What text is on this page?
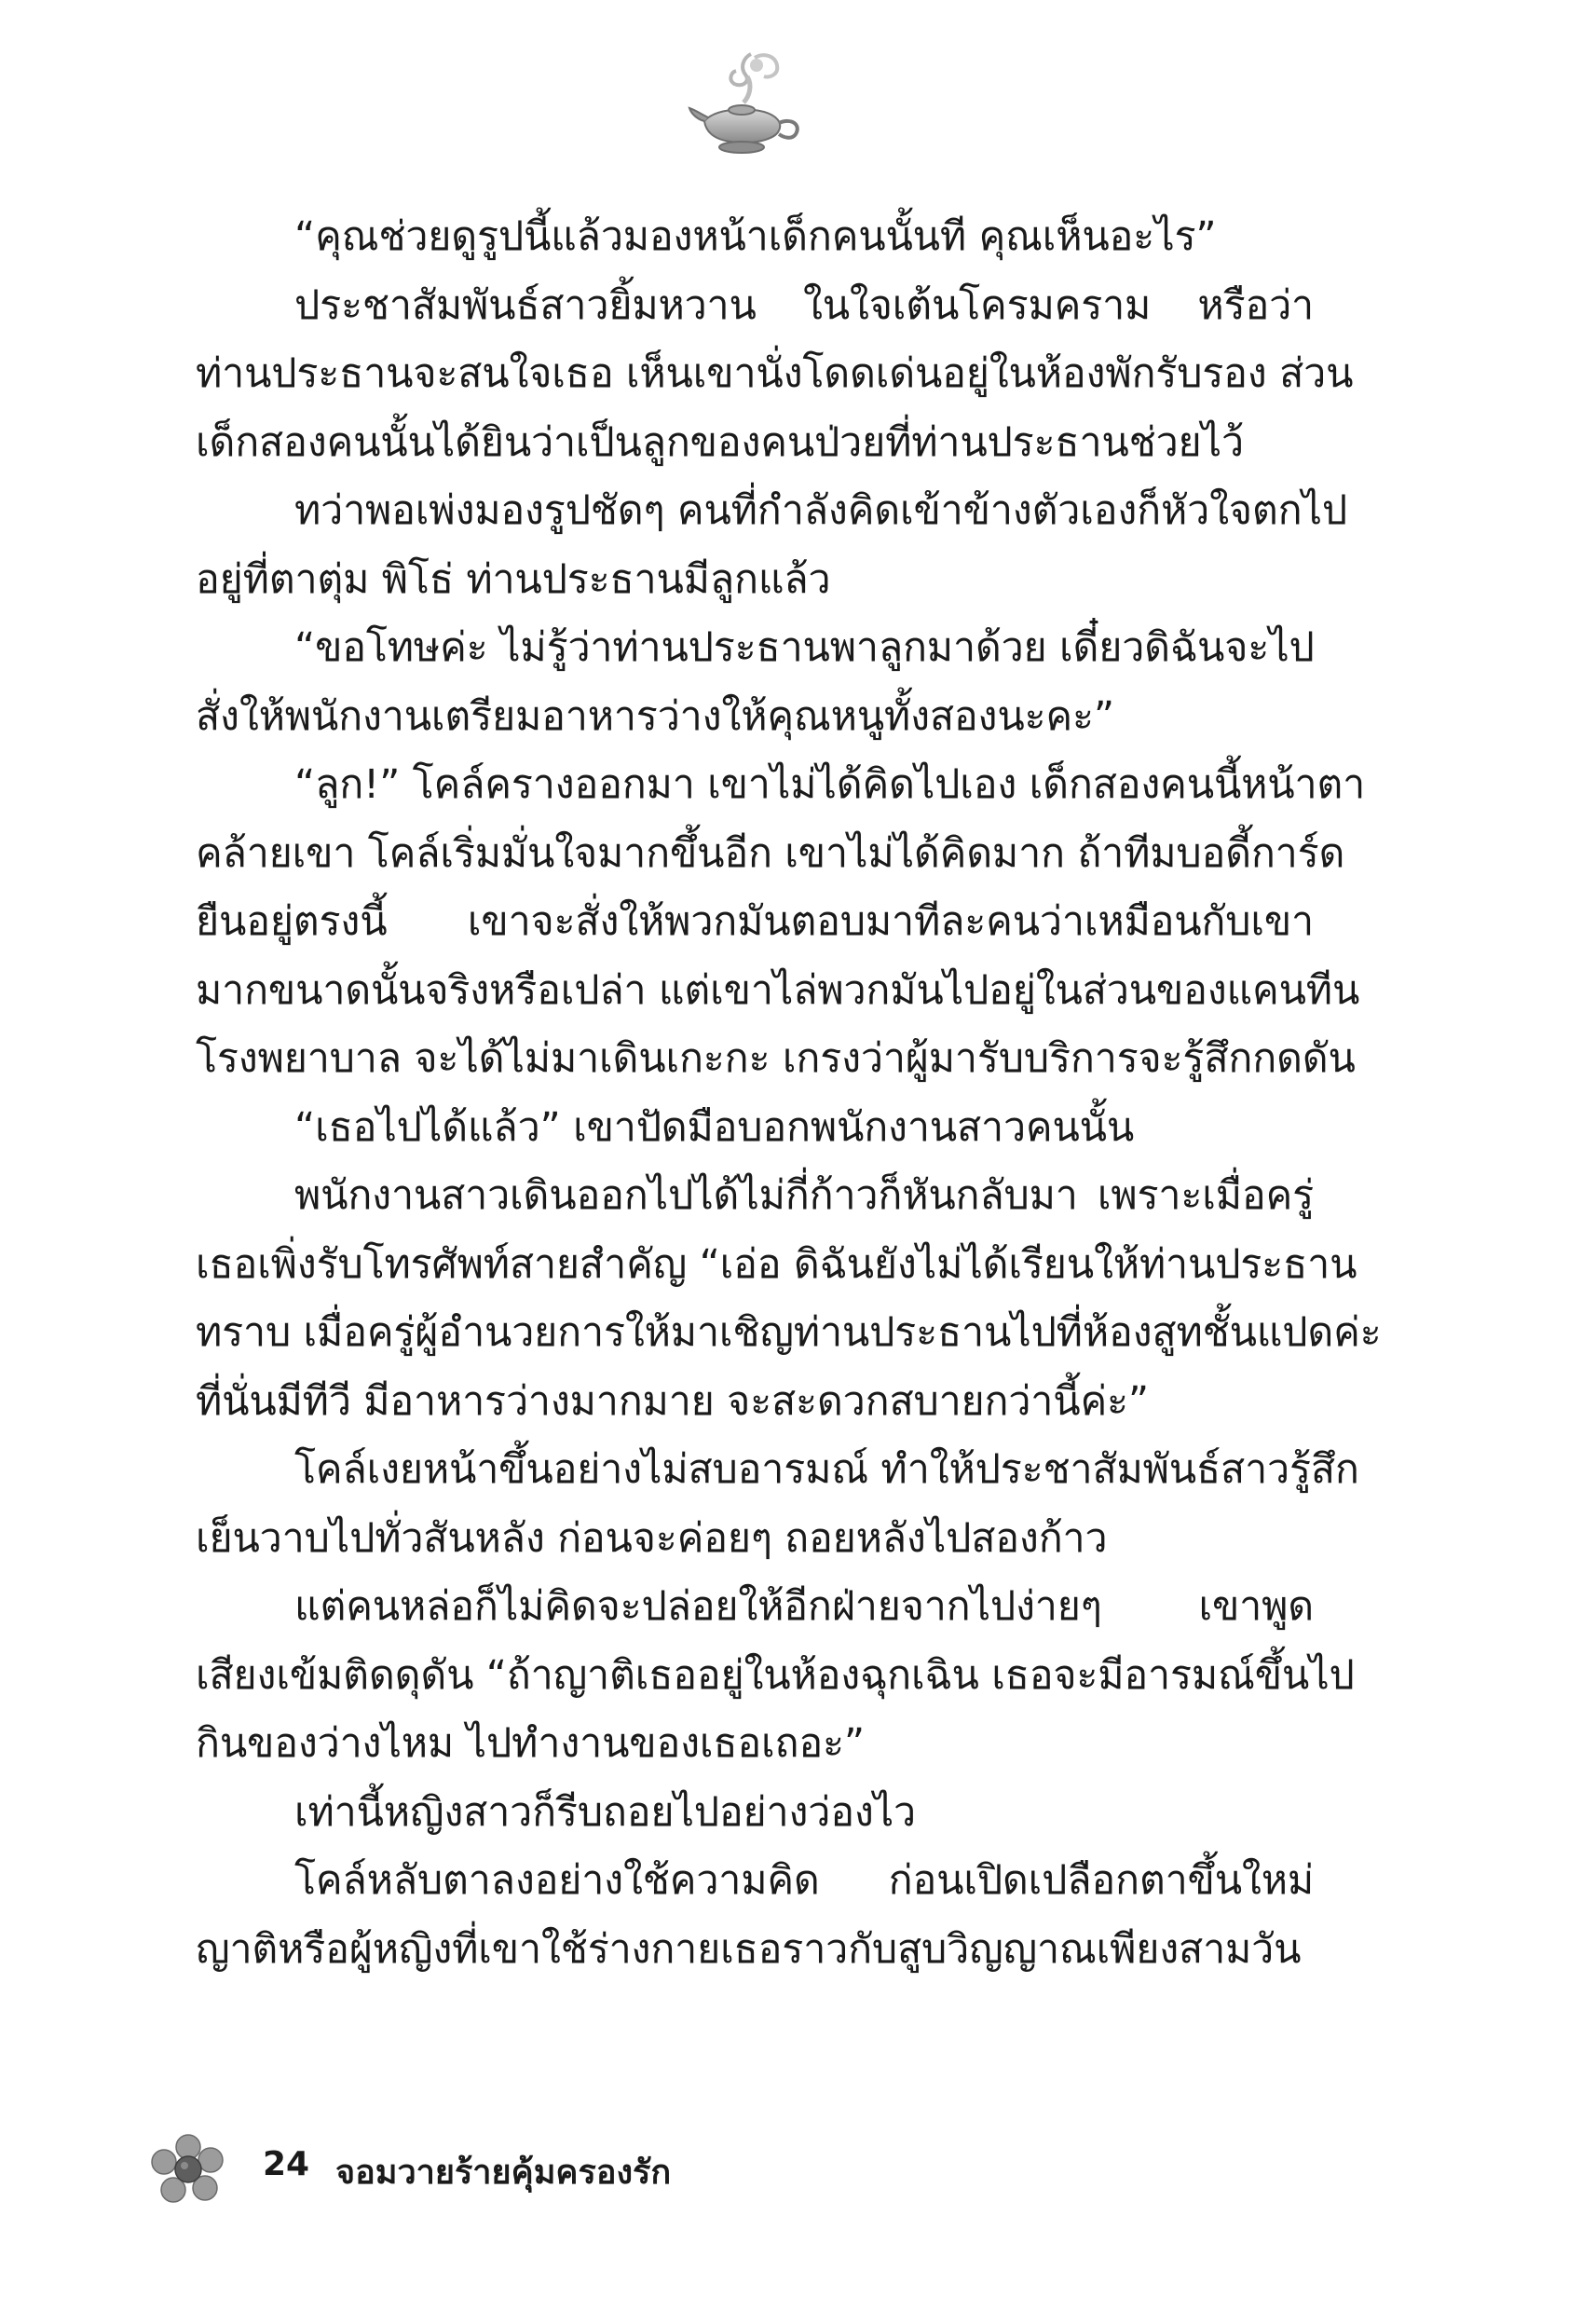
“คุณช่วยดูรูปนี้แล้วมองหน้าเด็กคนนั้นที คุณเห็นอะไร”
ประชาสัมพันธ์สาวยิ้มหวาน ในใจเต้นโครมคราม หรือว่า
ท่านประธานจะสนใจเธอ เห็นเขานั่งโดดเด่นอยู่ในห้องพักรับรอง ส่วน
เด็กสองคนนั้นได้ยินว่าเป็นลูกของคนป่วยที่ท่านประธานช่วยไว้
ทว่าพอเพ่งมองรูปชัดๆ คนที่กำลังคิดเข้าข้างตัวเองก็หัวใจตกไป
อยู่ที่ตาตุ่ม พิโธ่ ท่านประธานมีลูกแล้ว
“ขอโทษค่ะ ไม่รู้ว่าท่านประธานพาลูกมาด้วย เดี๋ยวดิฉันจะไป
สั่งให้พนักงานเตรียมอาหารว่างให้คุณหนูทั้งสองนะคะ”
“ลูก!” โคล์ครางออกมา เขาไม่ได้คิดไปเอง เด็กสองคนนี้หน้าตา
คล้ายเขา โคล์เริ่มมั่นใจมากขึ้นอีก เขาไม่ได้คิดมาก ถ้าทีมบอดี้การ์ด
ยืนอยู่ตรงนี้ เขาจะสั่งให้พวกมันตอบมาทีละคนว่าเหมือนกับเขา
มากขนาดนั้นจริงหรือเปล่า แต่เขาไล่พวกมันไปอยู่ในส่วนของแคนทีน
โรงพยาบาล จะได้ไม่มาเดินเกะกะ เกรงว่าผู้มารับบริการจะรู้สึกกดดัน
“เธอไปได้แล้ว” เขาปัดมือบอกพนักงานสาวคนนั้น
พนักงานสาวเดินออกไปได้ไม่กี่ก้าวก็หันกลับมา เพราะเมื่อครู่
เธอเพิ่งรับโทรศัพท์สายสำคัญ “เอ่อ ดิฉันยังไม่ได้เรียนให้ท่านประธาน
ทราบ เมื่อครู่ผู้อำนวยการให้มาเชิญท่านประธานไปที่ห้องสูทชั้นแปดค่ะ
ที่นั่นมีทีวี มีอาหารว่างมากมาย จะสะดวกสบายกว่านี้ค่ะ”
โคล์เงยหน้าขึ้นอย่างไม่สบอารมณ์ ทำให้ประชาสัมพันธ์สาวรู้สึก
เย็นวาบไปทั่วสันหลัง ก่อนจะค่อยๆ ถอยหลังไปสองก้าว
แต่คนหล่อก็ไม่คิดจะปล่อยให้อีกฝ่ายจากไปง่ายๆ เขาพูด
เสียงเข้มติดดุดัน “ถ้าญาติเธออยู่ในห้องฉุกเฉิน เธอจะมีอารมณ์ขึ้นไป
กินของว่างไหม ไปทำงานของเธอเถอะ”
เท่านี้หญิงสาวก็รีบถอยไปอย่างว่องไว
โคล์หลับตาลงอย่างใช้ความคิด ก่อนเปิดเปลือกตาขึ้นใหม่
ญาติหรือผู้หญิงที่เขาใช้ร่างกายเธอราวกับสูบวิญญาณเพียงสามวัน
24 จอมวายร้ายคุ้มครองรัก
